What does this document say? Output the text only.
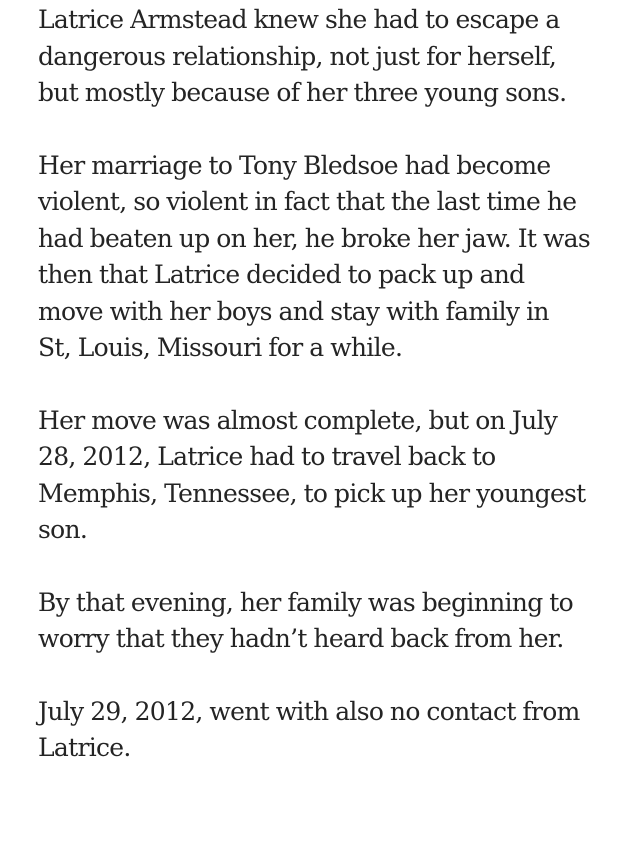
Latrice Armstead knew she had to escape a
dangerous relationship, not just for herself,
but mostly because of her three young sons.

Her marriage to Tony Bledsoe had become
violent, so violent in fact that the last time he
had beaten up on her, he broke her jaw. It was
then that Latrice decided to pack up and
move with her boys and stay with family in
St, Louis, Missouri for a while.

Her move was almost complete, but on July
28, 2012, Latrice had to travel back to
Memphis, Tennessee, to pick up her youngest
son.

By that evening, her family was beginning to
worry that they hadn’t heard back from her.

July 29, 2012, went with also no contact from
Latrice.
